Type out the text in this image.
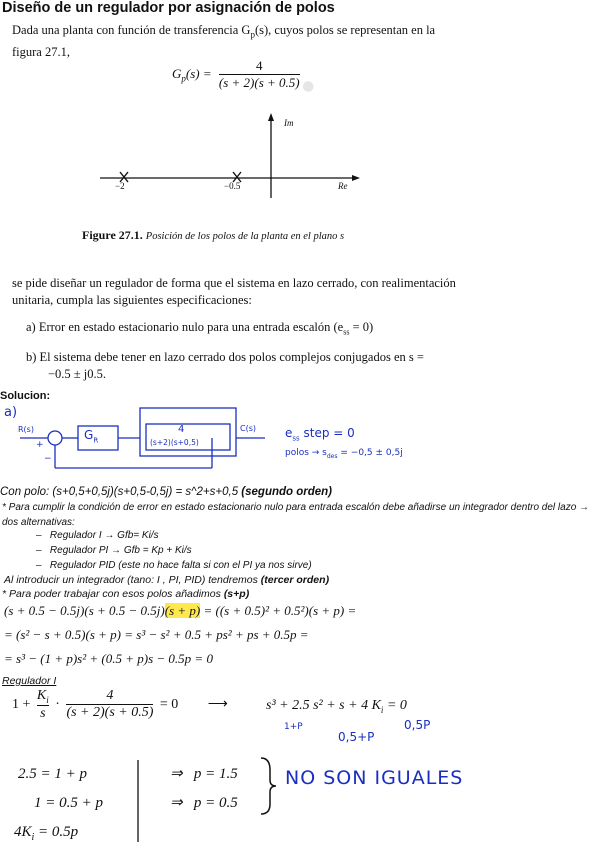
•
Diseño de un regulador por asignación de polos
Dada una planta con función de transferencia $G_p(s)$, cuyos polos se representan en la
figura 27.1,
$G_p(s) = \frac{4}{(s + 2)(s + 0.5)}$
Im
Re
−2	−0.5
Figure 27.1. Posición de los polos de la planta en el plano s
se pide diseñar un regulador de forma que el sistema en lazo cerrado, con realimentación
unitaria, cumpla las siguientes especificaciones:
a) Error en estado estacionario nulo para una entrada escalón $(e_{ss} = 0)$
b) El sistema debe tener en lazo cerrado dos polos complejos conjugados en s =
−0.5 ± j0.5.
Solucion:
a)
R(s)
+
−
$G_R$
4
(s+2)(s+0,5)
C(s) $e_{ss}$ step = 0
polos → $s_{des} = -0,5 \pm 0,5j$
Con polo: (s+0,5+0,5j)(s+0,5-0,5j) = s^2+s+0,5 (segundo orden)
* Para cumplir la condición de error en estado estacionario nulo para entrada escalón debe añadirse un integrador dentro del lazo → dos alternativas:
–   Regulador I → Gfb= Ki/s
–   Regulador PI → Gfb = Kp + Ki/s
–   Regulador PID (este no hace falta si con el PI ya nos sirve)
Al introducir un integrador (tano: I , PI, PID) tendremos (tercer orden)
* Para poder trabajar con esos polos añadimos (s+p)
(s + 0.5 − 0.5j)(s + 0.5 − 0.5j)(s + p) = ((s + 0.5)² + 0.5²)(s + p) =
= (s² − s + 0.5)(s + p) = s³ − s² + 0.5 + ps² + ps + 0.5p =
= s³ − (1 + p)s² + (0.5 + p)s − 0.5p = 0
Regulador I
$1 + \frac{K_i}{s} \cdot \frac{4}{(s + 2)(s + 0.5)} = 0$ ⟶	s³ + 2.5 s² + s + 4 $K_i = 0$
1+P
0,5+P
0,5P
2.5 = 1 + p
1 = 0.5 + p
$4K_i = 0.5p$
⇒ p = 1.5
⇒ p = 0.5
NO SON IGUALES
